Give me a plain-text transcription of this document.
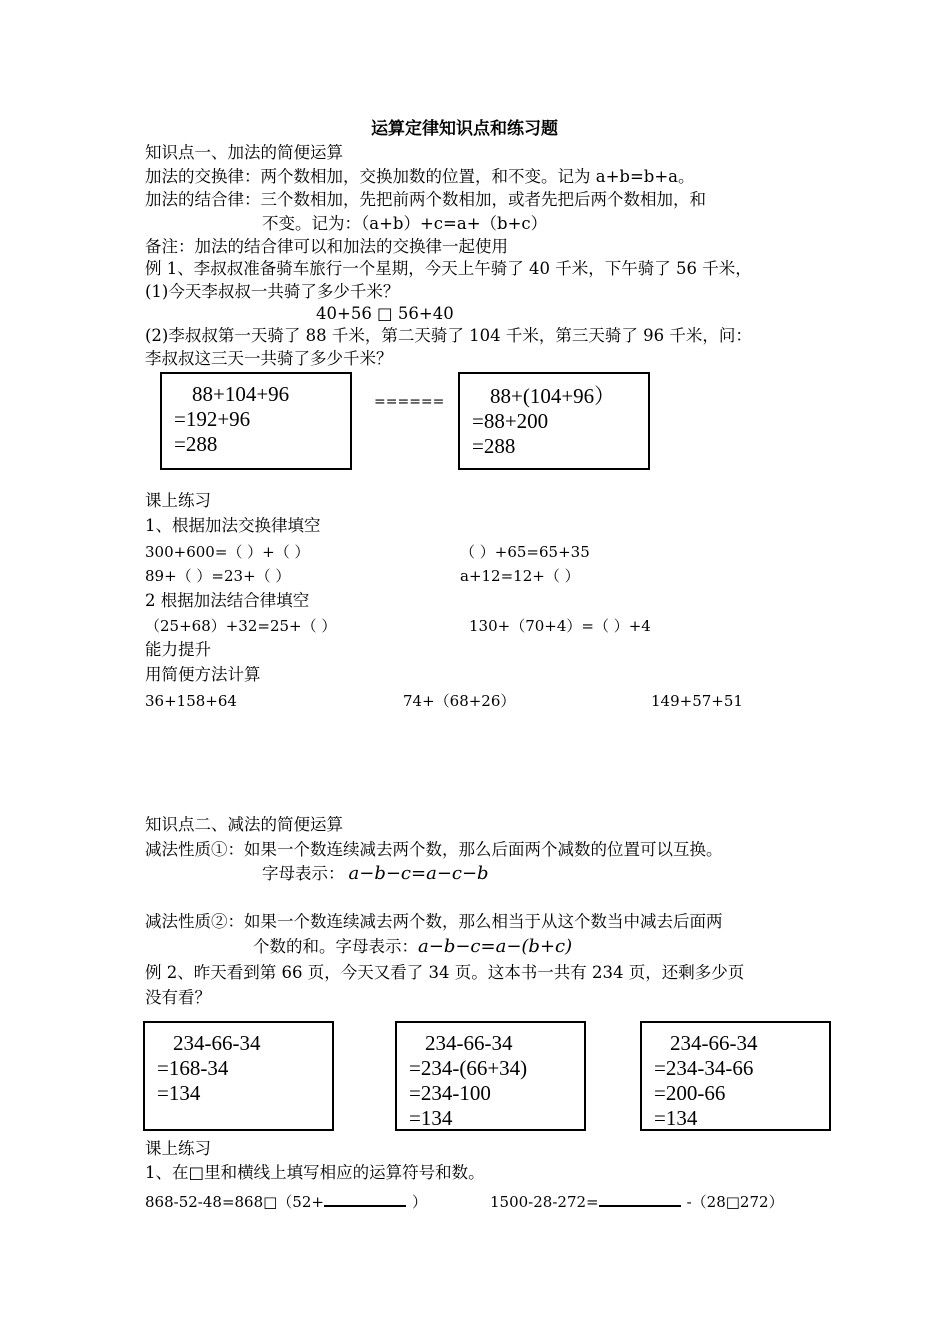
运算定律知识点和练习题
知识点一、加法的简便运算
加法的交换律：两个数相加，交换加数的位置，和不变。记为 a+b=b+a。
加法的结合律：三个数相加，先把前两个数相加，或者先把后两个数相加，和
不变。记为：（a+b）+c=a+（b+c）
备注：加法的结合律可以和加法的交换律一起使用
例 1、李叔叔准备骑车旅行一个星期，今天上午骑了 40 千米，下午骑了 56 千米，
(1)今天李叔叔一共骑了多少千米？
40+56 □ 56+40
(2)李叔叔第一天骑了 88 千米，第二天骑了 104 千米，第三天骑了 96 千米，问：
李叔叔这三天一共骑了多少千米？
88+104+96
=192+96
=288
======	88+(104+96）
=88+200
=288
课上练习
1、根据加法交换律填空
300+600=（ ）+（ ）	（ ）+65=65+35
89+（ ）=23+（ ）	a+12=12+（ ）
2 根据加法结合律填空
（25+68）+32=25+（ ）	130+（70+4）=（ ）+4
能力提升
用简便方法计算
36+158+64	74+（68+26）	149+57+51
知识点二、减法的简便运算
减法性质①：如果一个数连续减去两个数，那么后面两个减数的位置可以互换。
字母表示： a−b−c=a−c−b
减法性质②：如果一个数连续减去两个数，那么相当于从这个数当中减去后面两
个数的和。字母表示：a−b−c=a−(b+c)
例 2、昨天看到第 66 页，今天又看了 34 页。这本书一共有 234 页，还剩多少页
没有看？
234-66-34
=168-34
=134
234-66-34
=234-(66+34)
=234-100
=134
234-66-34
=234-34-66
=200-66
=134
课上练习
1、在□里和横线上填写相应的运算符号和数。
868-52-48=868□（52+	）	1500-28-272=	-（28□272）
